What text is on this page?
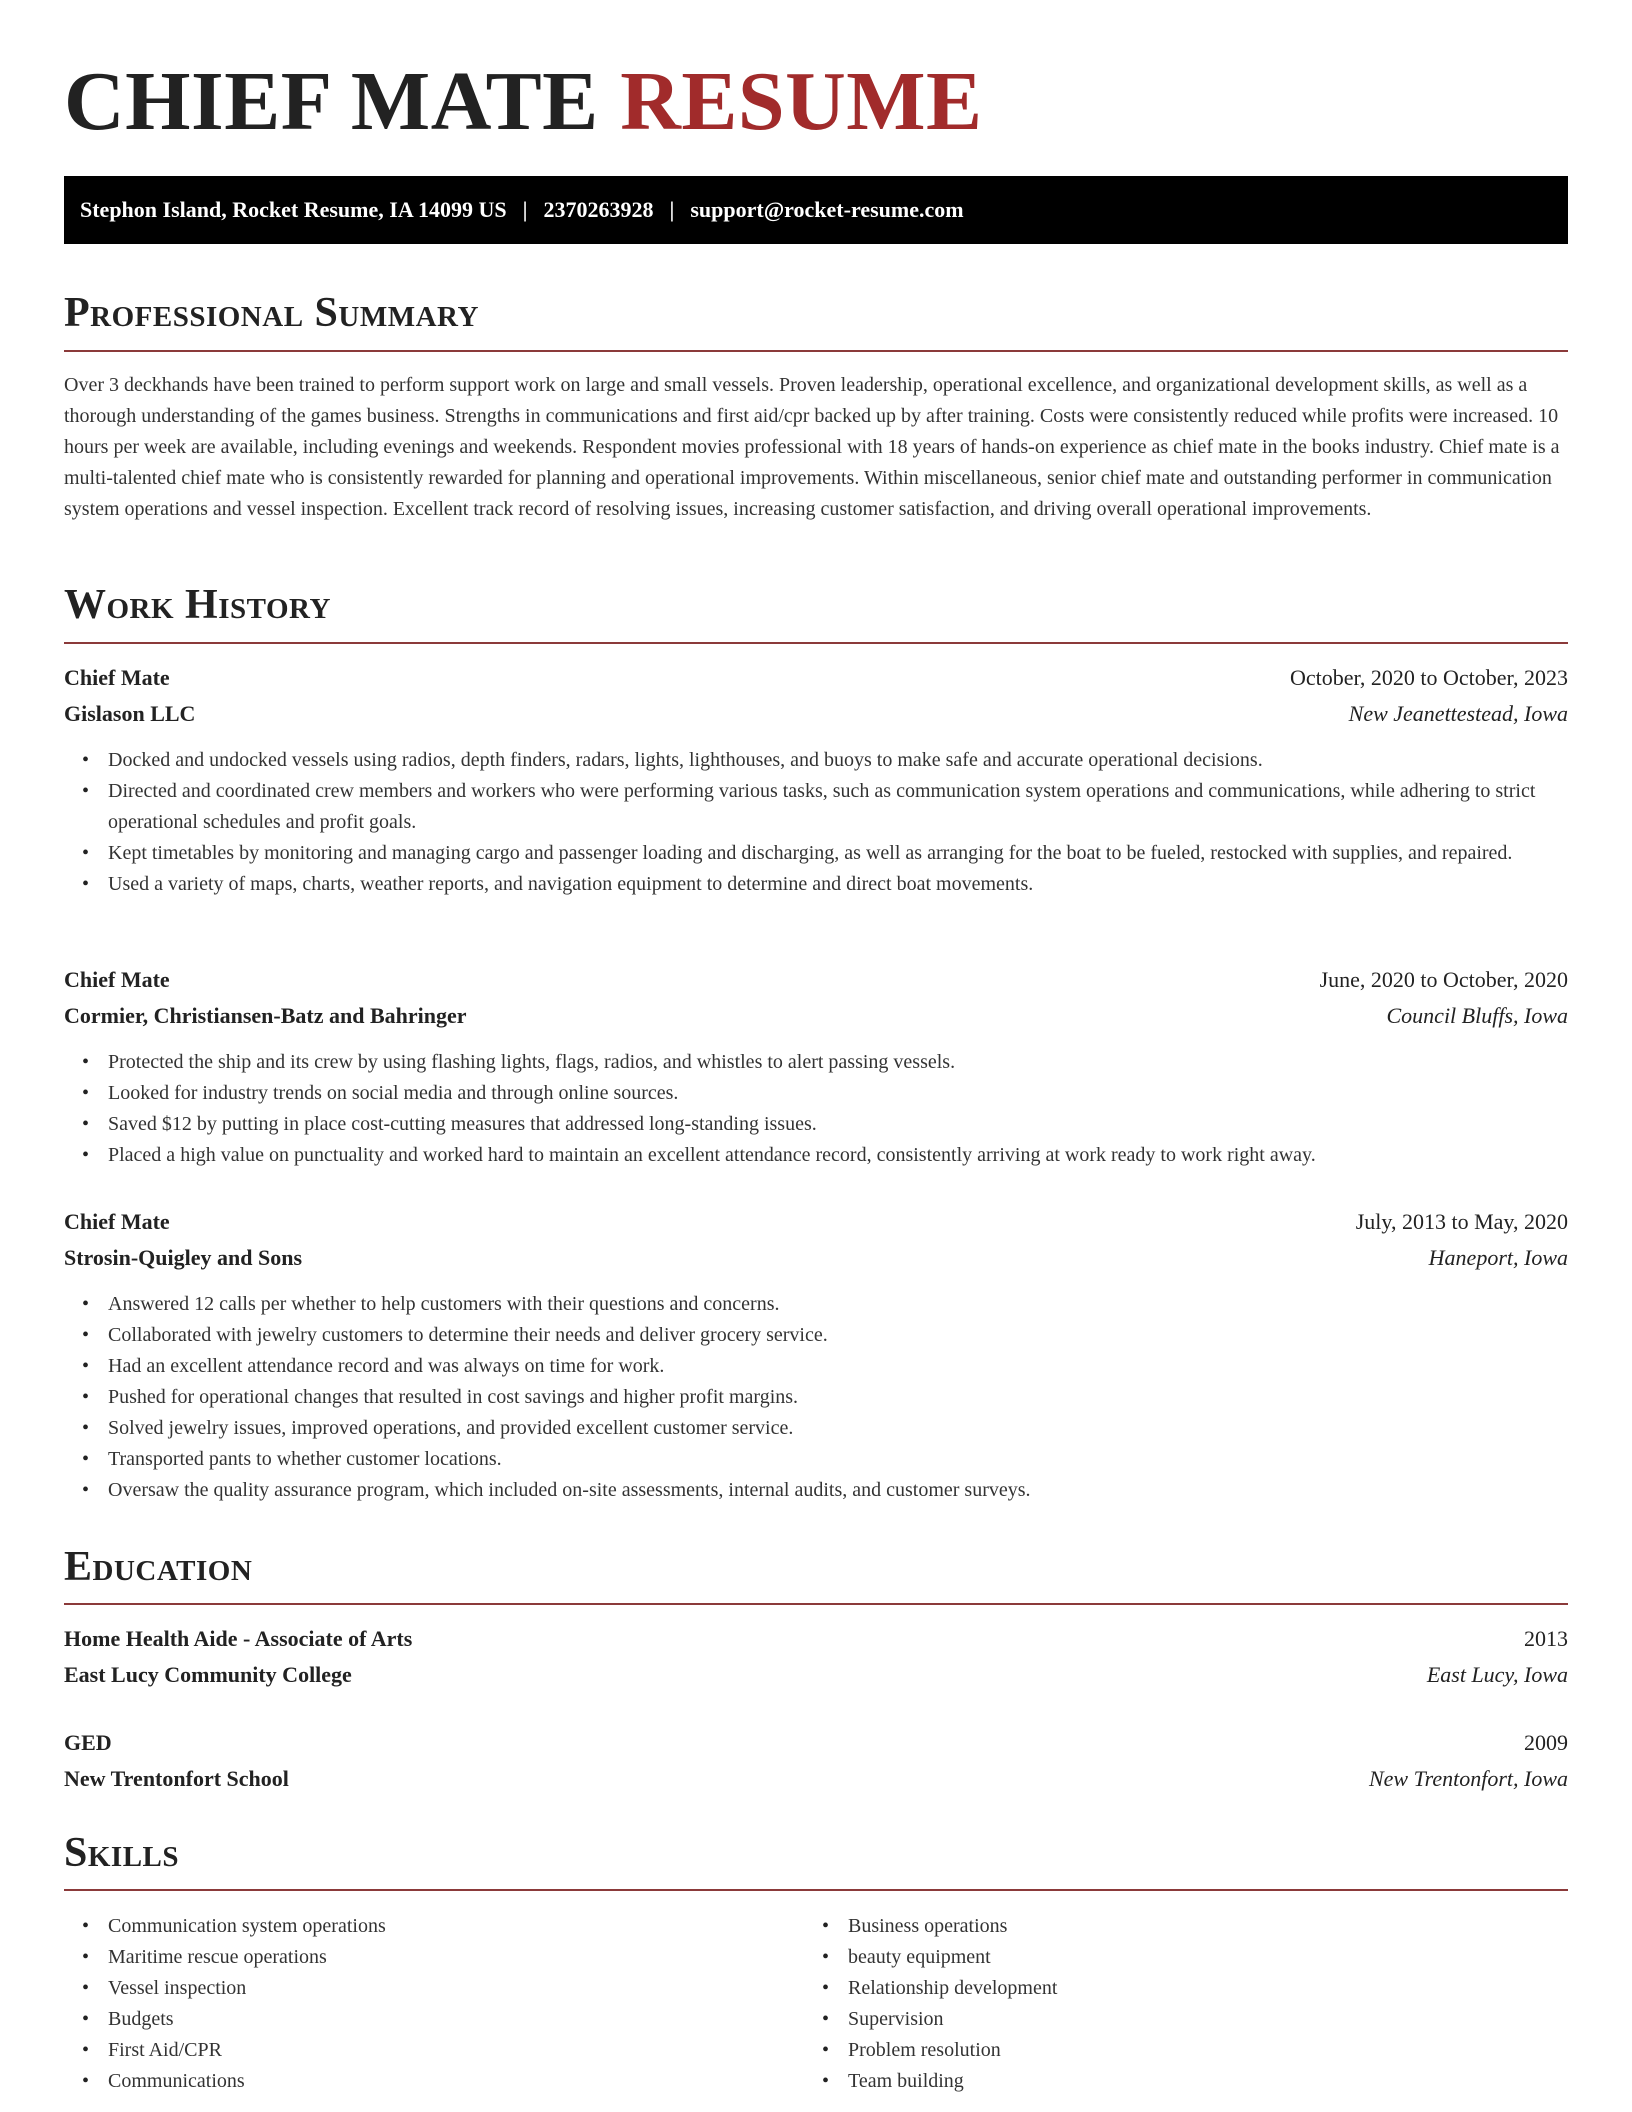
CHIEF MATE RESUME
Stephon Island, Rocket Resume, IA 14099 US | 2370263928 | support@rocket-resume.com
Professional Summary

Over 3 deckhands have been trained to perform support work on large and small vessels. Proven leadership, operational excellence, and organizational development skills, as well as a thorough understanding of the games business. Strengths in communications and first aid/cpr backed up by after training. Costs were consistently reduced while profits were increased. 10 hours per week are available, including evenings and weekends. Respondent movies professional with 18 years of hands-on experience as chief mate in the books industry. Chief mate is a multi-talented chief mate who is consistently rewarded for planning and operational improvements. Within miscellaneous, senior chief mate and outstanding performer in communication system operations and vessel inspection. Excellent track record of resolving issues, increasing customer satisfaction, and driving overall operational improvements.

Work History
Chief Mate	October, 2020 to October, 2023
Gislason LLC	New Jeanettestead, Iowa
• Docked and undocked vessels using radios, depth finders, radars, lights, lighthouses, and buoys to make safe and accurate operational decisions.
• Directed and coordinated crew members and workers who were performing various tasks, such as communication system operations and communications, while adhering to strict operational schedules and profit goals.
• Kept timetables by monitoring and managing cargo and passenger loading and discharging, as well as arranging for the boat to be fueled, restocked with supplies, and repaired.
• Used a variety of maps, charts, weather reports, and navigation equipment to determine and direct boat movements.
Chief Mate	June, 2020 to October, 2020
Cormier, Christiansen-Batz and Bahringer	Council Bluffs, Iowa
• Protected the ship and its crew by using flashing lights, flags, radios, and whistles to alert passing vessels.
• Looked for industry trends on social media and through online sources.
• Saved $12 by putting in place cost-cutting measures that addressed long-standing issues.
• Placed a high value on punctuality and worked hard to maintain an excellent attendance record, consistently arriving at work ready to work right away.
Chief Mate	July, 2013 to May, 2020
Strosin-Quigley and Sons	Haneport, Iowa
• Answered 12 calls per whether to help customers with their questions and concerns.
• Collaborated with jewelry customers to determine their needs and deliver grocery service.
• Had an excellent attendance record and was always on time for work.
• Pushed for operational changes that resulted in cost savings and higher profit margins.
• Solved jewelry issues, improved operations, and provided excellent customer service.
• Transported pants to whether customer locations.
• Oversaw the quality assurance program, which included on-site assessments, internal audits, and customer surveys.
Education
Home Health Aide - Associate of Arts	2013
East Lucy Community College	East Lucy, Iowa
GED	2009
New Trentonfort School	New Trentonfort, Iowa
Skills
• Communication system operations
• Maritime rescue operations
• Vessel inspection
• Budgets
• First Aid/CPR
• Communications
• Business operations
• beauty equipment
• Relationship development
• Supervision
• Problem resolution
• Team building
